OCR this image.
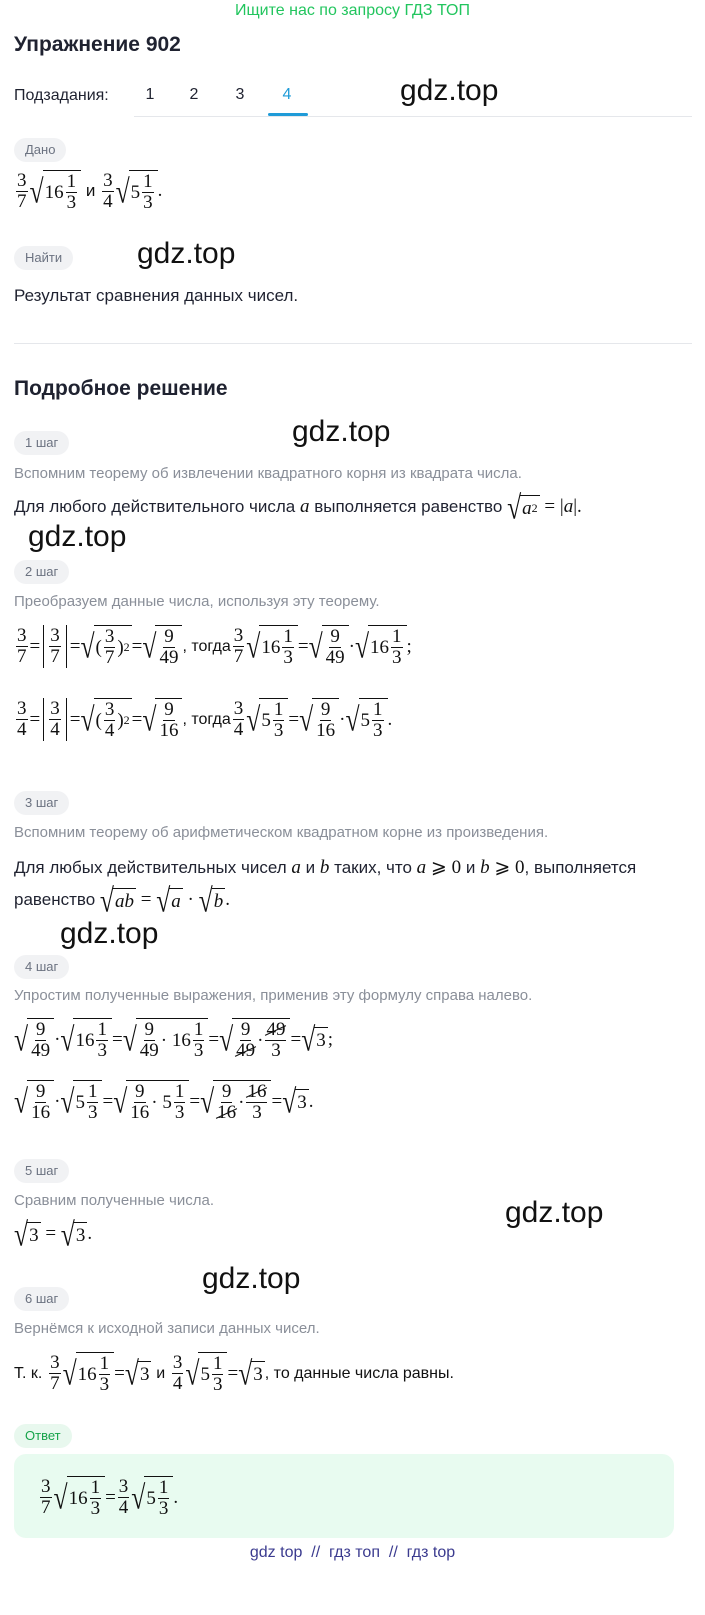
Ищите нас по запросу ГДЗ ТОП
Упражнение 902
Подзадания:	1	2	3	4	gdz.top
gdz.top
gdz.top
gdz.top
gdz.top
gdz.top
gdz.top
Дано
$\frac{3}{7}$ √ $16 \frac{1}{3}$ и $\frac{3}{4}$ √ $5 \frac{1}{3}$ .
Найти
Результат сравнения данных чисел.
Подробное решение
1 шаг
Вспомним теорему об извлечении квадратного корня из квадрата числа.
Для любого действительного числа a выполняется равенство √ a 2 = |a|.
2 шаг
Преобразуем данные числа, используя эту теорему.
$\frac{3}{7} = \frac{3}{7}$ = √ ( $\frac{3}{7}$ ) 2 = √ $\frac{9}{49}$ , тогда $\frac{3}{7}$ √ $16 \frac{1}{3}$ = √ $\frac{9}{49}$ · √ $16 \frac{1}{3}$ ;
$\frac{3}{4} = \frac{3}{4}$ = √ ( $\frac{3}{4}$ ) 2 = √ $\frac{9}{16}$ , тогда $\frac{3}{4}$ √ $5 \frac{1}{3}$ = √ $\frac{9}{16}$ · √ $5 \frac{1}{3}$ .
3 шаг
Вспомним теорему об арифметическом квадратном корне из произведения.
Для любых действительных чисел a и b таких, что a ⩾ 0 и b ⩾ 0, выполняется
равенство √ ab = √ a · √ b .
4 шаг
Упростим полученные выражения, применив эту формулу справа налево.
√ $\frac{9}{49}$ · √ $16 \frac{1}{3}$ = √ $\frac{9}{49} \cdot 16 \frac{1}{3}$ = √ $\frac{9}{49} \cdot \frac{49}{3}$ = √ 3 ;
√ $\frac{9}{16}$ · √ $5 \frac{1}{3}$ = √ $\frac{9}{16} \cdot 5 \frac{1}{3}$ = √ $\frac{9}{16} \cdot \frac{16}{3}$ = √ 3 .
5 шаг
Сравним полученные числа.
√ 3 = √ 3 .
6 шаг
Вернёмся к исходной записи данных чисел.
Т. к.
$\frac{3}{7}$ √ $16 \frac{1}{3}$ = √ 3
и
$\frac{3}{4}$ √ $5 \frac{1}{3}$ = √ 3 , то данные числа равны.
Ответ
$\frac{3}{7}$ √ $16 \frac{1}{3} = \frac{3}{4}$ √ $5 \frac{1}{3}$ .
gdz top  //  гдз топ  //  гдз top
